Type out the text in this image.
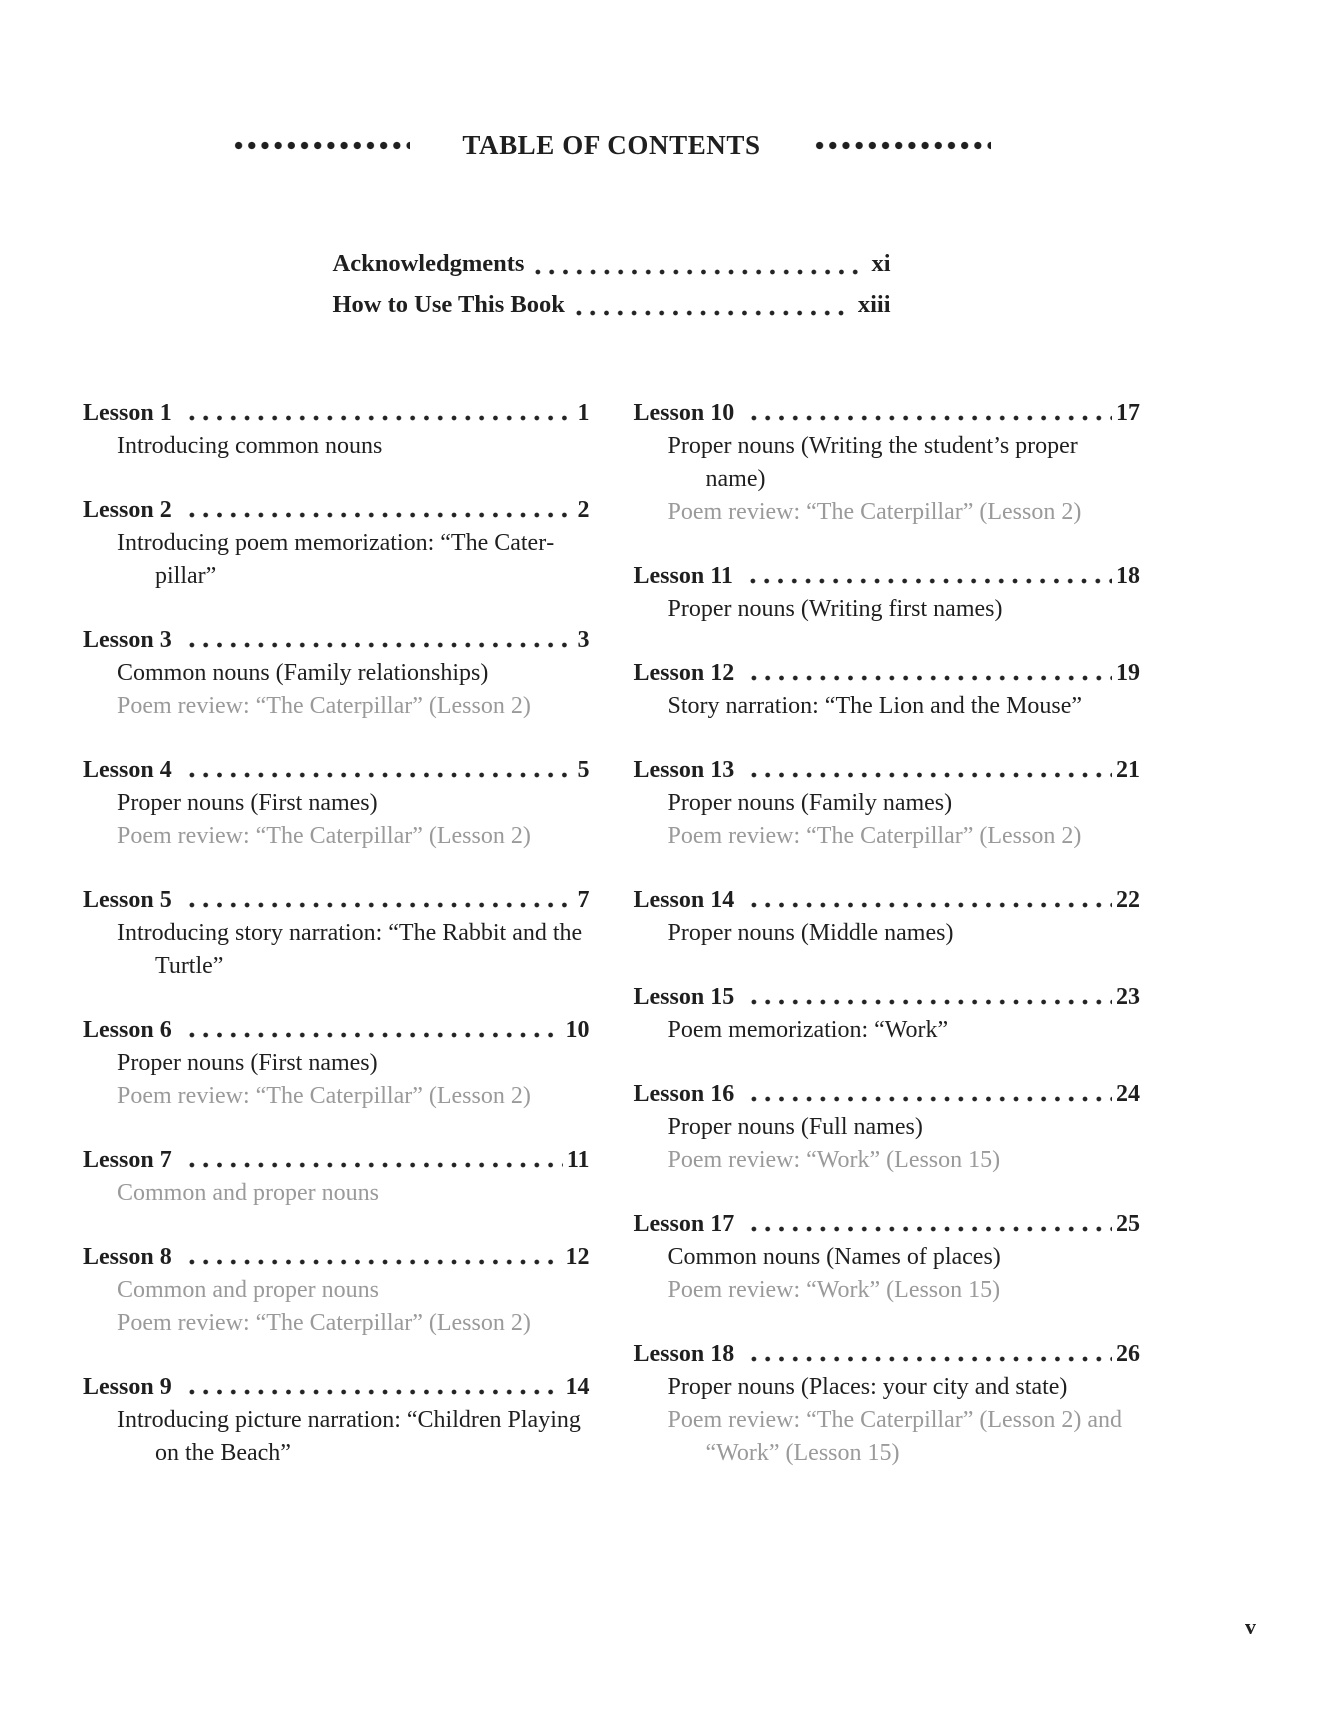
TABLE OF CONTENTS
Acknowledgments	xi
How to Use This Book	xiii
Lesson 1	1
Introducing common nouns
Lesson 2	2
Introducing poem memorization: “The Caterpillar”
Lesson 3	3
Common nouns (Family relationships)
Poem review: “The Caterpillar” (Lesson 2)
Lesson 4	5
Proper nouns (First names)
Poem review: “The Caterpillar” (Lesson 2)
Lesson 5	7
Introducing story narration: “The Rabbit and the Turtle”
Lesson 6	10
Proper nouns (First names)
Poem review: “The Caterpillar” (Lesson 2)
Lesson 7	11
Common and proper nouns
Lesson 8	12
Common and proper nouns
Poem review: “The Caterpillar” (Lesson 2)
Lesson 9	14
Introducing picture narration: “Children Playing on the Beach”
Lesson 10	17
Proper nouns (Writing the student’s proper name)
Poem review: “The Caterpillar” (Lesson 2)
Lesson 11	18
Proper nouns (Writing first names)
Lesson 12	19
Story narration: “The Lion and the Mouse”
Lesson 13	21
Proper nouns (Family names)
Poem review: “The Caterpillar” (Lesson 2)
Lesson 14	22
Proper nouns (Middle names)
Lesson 15	23
Poem memorization: “Work”
Lesson 16	24
Proper nouns (Full names)
Poem review: “Work” (Lesson 15)
Lesson 17	25
Common nouns (Names of places)
Poem review: “Work” (Lesson 15)
Lesson 18	26
Proper nouns (Places: your city and state)
Poem review: “The Caterpillar” (Lesson 2) and “Work” (Lesson 15)
v
